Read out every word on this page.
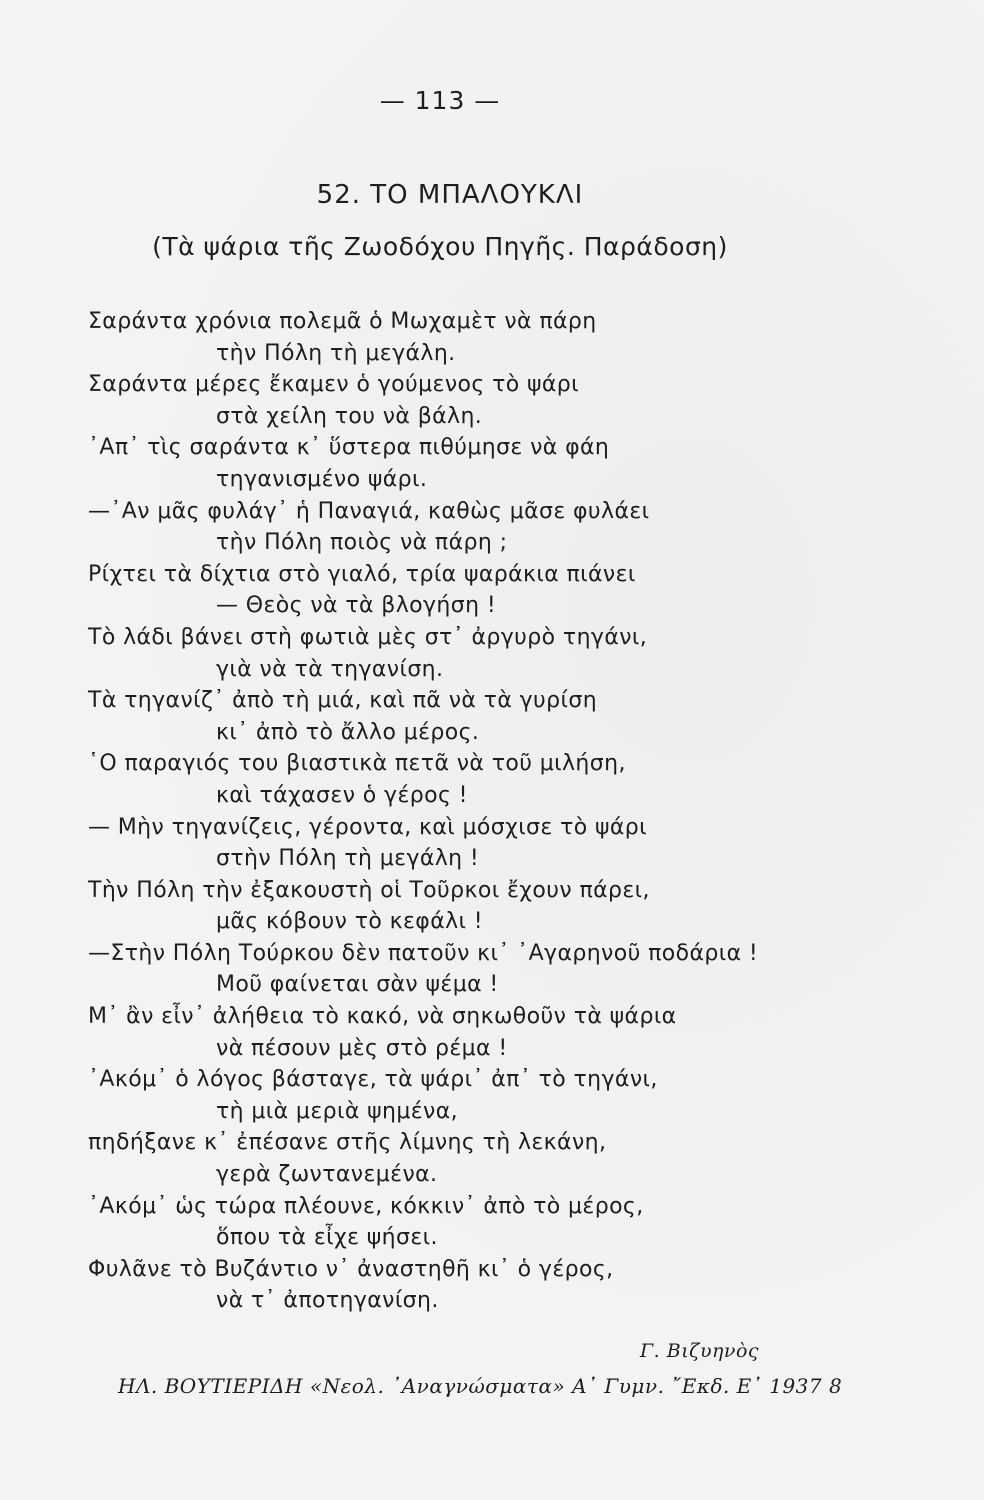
— 113 —
52. ΤΟ ΜΠΑΛΟΥΚΛΙ
(Τὰ ψάρια τῆς Ζωοδόχου Πηγῆς. Παράδοση)
Σαράντα χρόνια πολεμᾶ ὁ Μωχαμὲτ νὰ πάρη
τὴν Πόλη τὴ μεγάλη.
Σαράντα μέρες ἔκαμεν ὁ γούμενος τὸ ψάρι
στὰ χείλη του νὰ βάλη.
᾽Απ᾽ τὶς σαράντα κ᾽ ὕστερα πιθύμησε νὰ φάη
τηγανισμένο ψάρι.
—᾽Αν μᾶς φυλάγ᾽ ἡ Παναγιά, καθὼς μᾶσε φυλάει
τὴν Πόλη ποιὸς νὰ πάρη ;
Ρίχτει τὰ δίχτια στὸ γιαλό, τρία ψαράκια πιάνει
— Θεὸς νὰ τὰ βλογήση !
Τὸ λάδι βάνει στὴ φωτιὰ μὲς στ᾽ ἀργυρὸ τηγάνι,
γιὰ νὰ τὰ τηγανίση.
Τὰ τηγανίζ᾽ ἀπὸ τὴ μιά, καὶ πᾶ νὰ τὰ γυρίση
κι᾽ ἀπὸ τὸ ἄλλο μέρος.
῾Ο παραγιός του βιαστικὰ πετᾶ νὰ τοῦ μιλήση,
καὶ τάχασεν ὁ γέρος !
— Μὴν τηγανίζεις, γέροντα, καὶ μόσχισε τὸ ψάρι
στὴν Πόλη τὴ μεγάλη !
Τὴν Πόλη τὴν ἐξακουστὴ οἱ Τοῦρκοι ἔχουν πάρει,
μᾶς κόβουν τὸ κεφάλι !
—Στὴν Πόλη Τούρκου δὲν πατοῦν κι᾽ ᾽Αγαρηνοῦ ποδάρια !
Μοῦ φαίνεται σὰν ψέμα !
Μ᾽ ἂν εἶν᾽ ἀλήθεια τὸ κακό, νὰ σηκωθοῦν τὰ ψάρια
νὰ πέσουν μὲς στὸ ρέμα !
᾽Ακόμ᾽ ὁ λόγος βάσταγε, τὰ ψάρι᾽ ἀπ᾽ τὸ τηγάνι,
τὴ μιὰ μεριὰ ψημένα,
πηδήξανε κ᾽ ἐπέσανε στῆς λίμνης τὴ λεκάνη,
γερὰ ζωντανεμένα.
᾽Ακόμ᾽ ὡς τώρα πλέουνε, κόκκιν᾽ ἀπὸ τὸ μέρος,
ὅπου τὰ εἶχε ψήσει.
Φυλᾶνε τὸ Βυζάντιο ν᾽ ἀναστηθῆ κι᾽ ὁ γέρος,
νὰ τ᾽ ἀποτηγανίση.
Γ. Βιζυηνὸς
ΗΛ. ΒΟΥΤΙΕΡΙΔΗ «Νεολ. ᾽Αναγνώσματα» Α᾽ Γυμν. ῎Εκδ. Ε᾽ 1937 8
